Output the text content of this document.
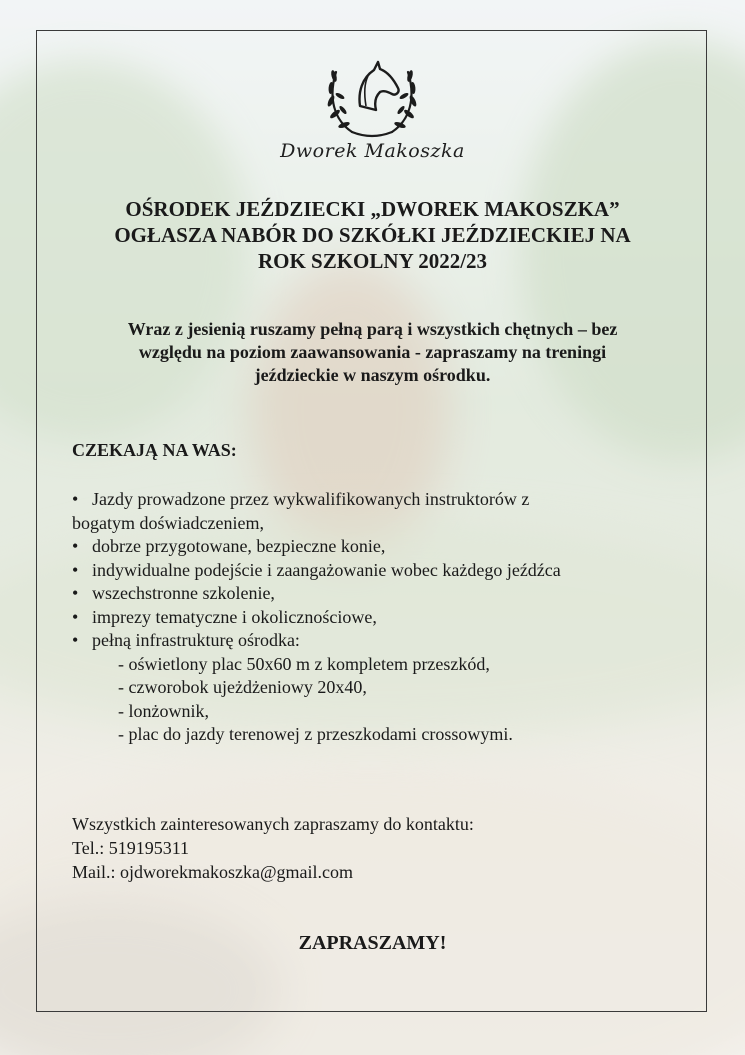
Dworek Makoszka
OŚRODEK JEŹDZIECKI „DWOREK MAKOSZKA”
OGŁASZA NABÓR DO SZKÓŁKI JEŹDZIECKIEJ NA
ROK SZKOLNY 2022/23
Wraz z jesienią ruszamy pełną parą i wszystkich chętnych – bez
względu na poziom zaawansowania - zapraszamy na treningi
jeździeckie w naszym ośrodku.
CZEKAJĄ NA WAS:
• Jazdy prowadzone przez wykwalifikowanych instruktorów z
bogatym doświadczeniem,
• dobrze przygotowane, bezpieczne konie,
• indywidualne podejście i zaangażowanie wobec każdego jeźdźca
• wszechstronne szkolenie,
• imprezy tematyczne i okolicznościowe,
• pełną infrastrukturę ośrodka:
- oświetlony plac 50x60 m z kompletem przeszkód,
- czworobok ujeżdżeniowy 20x40,
- lonżownik,
- plac do jazdy terenowej z przeszkodami crossowymi.
Wszystkich zainteresowanych zapraszamy do kontaktu:
Tel.: 519195311
Mail.: ojdworekmakoszka@gmail.com
ZAPRASZAMY!
